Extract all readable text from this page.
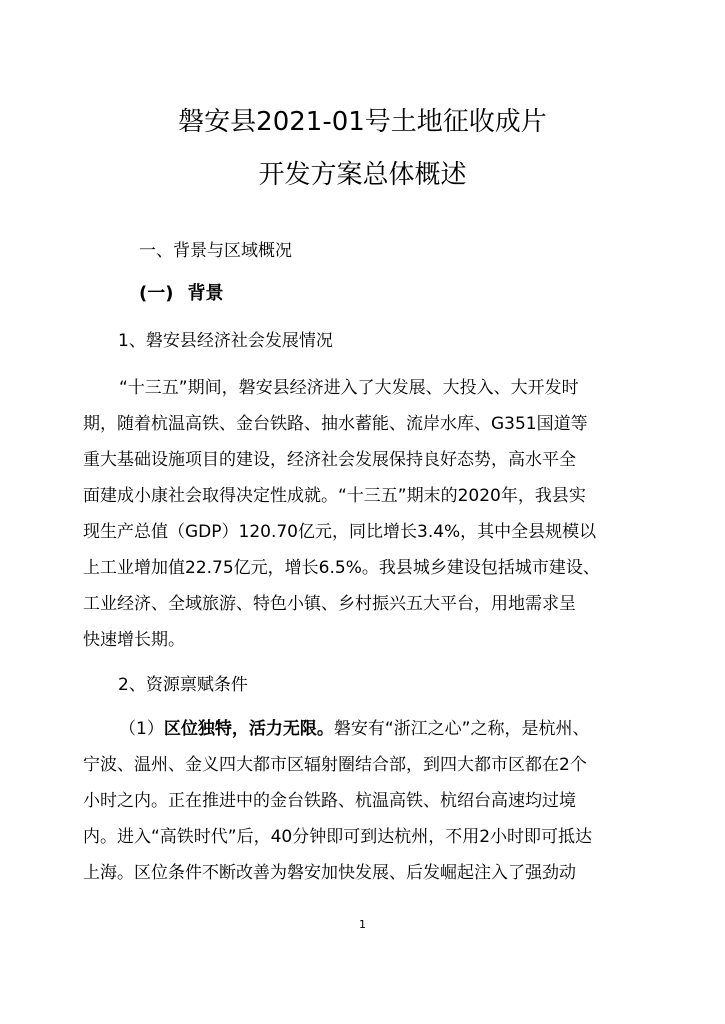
磐安县2021-01号土地征收成片
开发方案总体概述
一、背景与区域概况
(一) 背景
1、磐安县经济社会发展情况
“十三五”期间，磐安县经济进入了大发展、大投入、大开发时
期，随着杭温高铁、金台铁路、抽水蓄能、流岸水库、G351国道等
重大基础设施项目的建设，经济社会发展保持良好态势，高水平全
面建成小康社会取得决定性成就。“十三五”期末的2020年，我县实
现生产总值（GDP）120.70亿元，同比增长3.4%，其中全县规模以
上工业增加值22.75亿元，增长6.5%。我县城乡建设包括城市建设、
工业经济、全域旅游、特色小镇、乡村振兴五大平台，用地需求呈
快速增长期。
2、资源禀赋条件
（1）区位独特，活力无限。磐安有“浙江之心”之称，是杭州、
宁波、温州、金义四大都市区辐射圈结合部，到四大都市区都在2个
小时之内。正在推进中的金台铁路、杭温高铁、杭绍台高速均过境
内。进入“高铁时代”后，40分钟即可到达杭州，不用2小时即可抵达
上海。区位条件不断改善为磐安加快发展、后发崛起注入了强劲动
1
